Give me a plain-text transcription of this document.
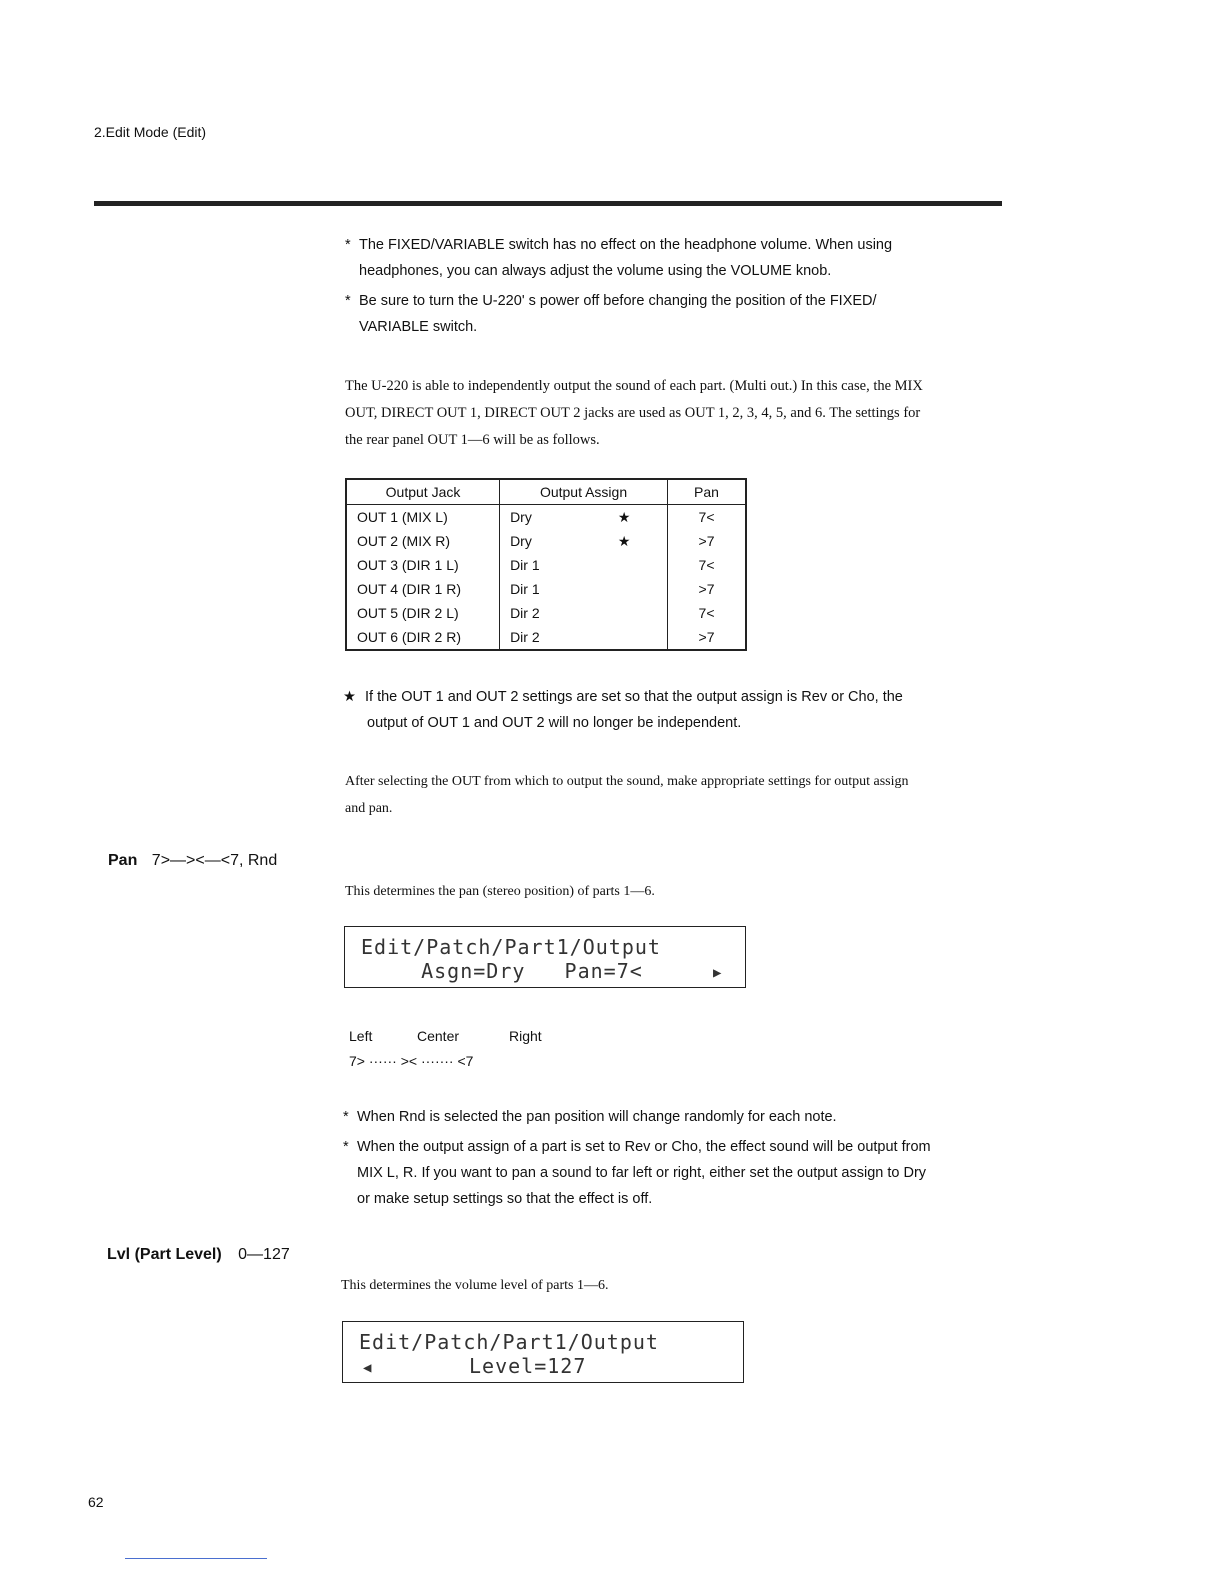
2.Edit Mode (Edit)
* The FIXED/VARIABLE switch has no effect on the headphone volume. When using
headphones, you can always adjust the volume using the VOLUME knob.
* Be sure to turn the U-220' s power off before changing the position of the FIXED/
VARIABLE switch.
The U-220 is able to independently output the sound of each part. (Multi out.) In this case, the MIX
OUT, DIRECT OUT 1, DIRECT OUT 2 jacks are used as OUT 1, 2, 3, 4, 5, and 6. The settings for
the rear panel OUT 1—6 will be as follows.
Output Jack	Output Assign		Pan
OUT 1 (MIX L)	Dry	★	7<
OUT 2 (MIX R)	Dry	★	>7
OUT 3 (DIR 1 L)	Dir 1		7<
OUT 4 (DIR 1 R)	Dir 1		>7
OUT 5 (DIR 2 L)	Dir 2		7<
OUT 6 (DIR 2 R)	Dir 2		>7
★ If the OUT 1 and OUT 2 settings are set so that the output assign is Rev or Cho, the
output of OUT 1 and OUT 2 will no longer be independent.
After selecting the OUT from which to output the sound, make appropriate settings for output assign
and pan.
Pan 7>—><—<7, Rnd
This determines the pan (stereo position) of parts 1—6.

Edit/Patch/Part1/Output

Asgn=Dry   Pan=7<

▶

Left	Center	Right
7> ······ >< ······· <7
* When Rnd is selected the pan position will change randomly for each note.
* When the output assign of a part is set to Rev or Cho, the effect sound will be output from
MIX L, R. If you want to pan a sound to far left or right, either set the output assign to Dry
or make setup settings so that the effect is off.
Lvl (Part Level) 0—127
This determines the volume level of parts 1—6.

Edit/Patch/Part1/Output

◀

	Level=127

62
